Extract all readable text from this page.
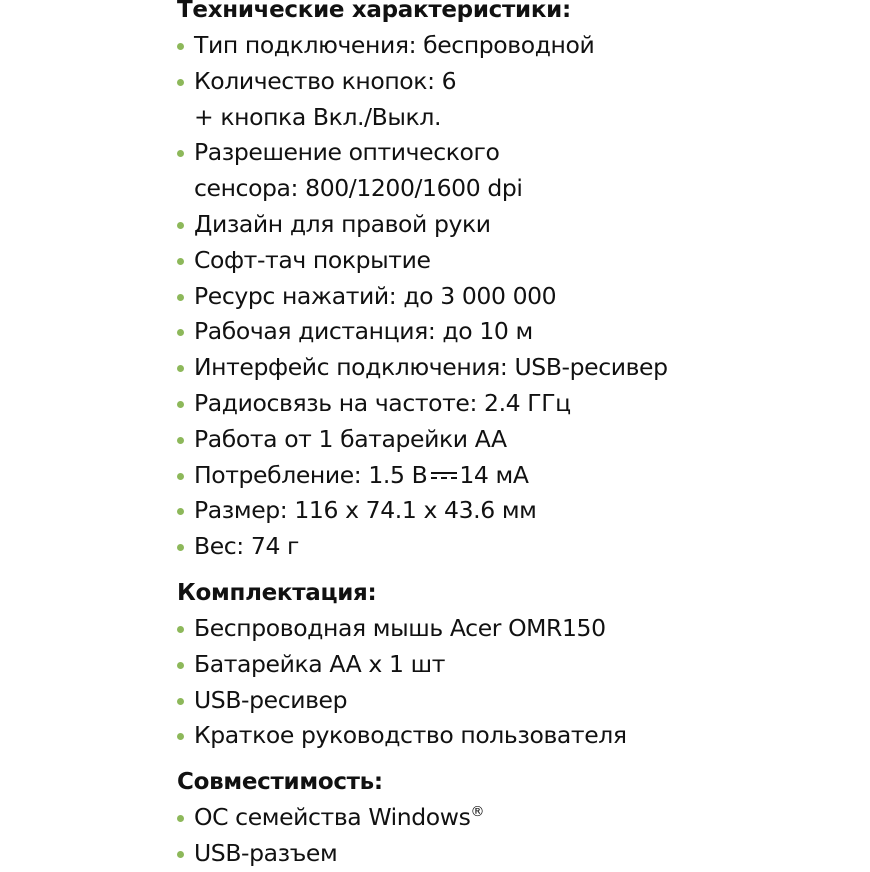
Технические характеристики:
Тип подключения: беспроводной
Количество кнопок: 6
+ кнопка Вкл./Выкл.
Разрешение оптического
сенсора: 800/1200/1600 dpi
Дизайн для правой руки
Софт-тач покрытие
Ресурс нажатий: до 3 000 000
Рабочая дистанция: до 10 м
Интерфейс подключения: USB-ресивер
Радиосвязь на частоте: 2.4 ГГц
Работа от 1 батарейки AA
Потребление: 1.5 В 14 мА
Размер: 116 x 74.1 x 43.6 мм
Вес: 74 г
Комплектация:
Беспроводная мышь Acer OMR150
Батарейка AA x 1 шт
USB-ресивер
Краткое руководство пользователя
Совместимость:
ОС семейства Windows®
USB-разъем
